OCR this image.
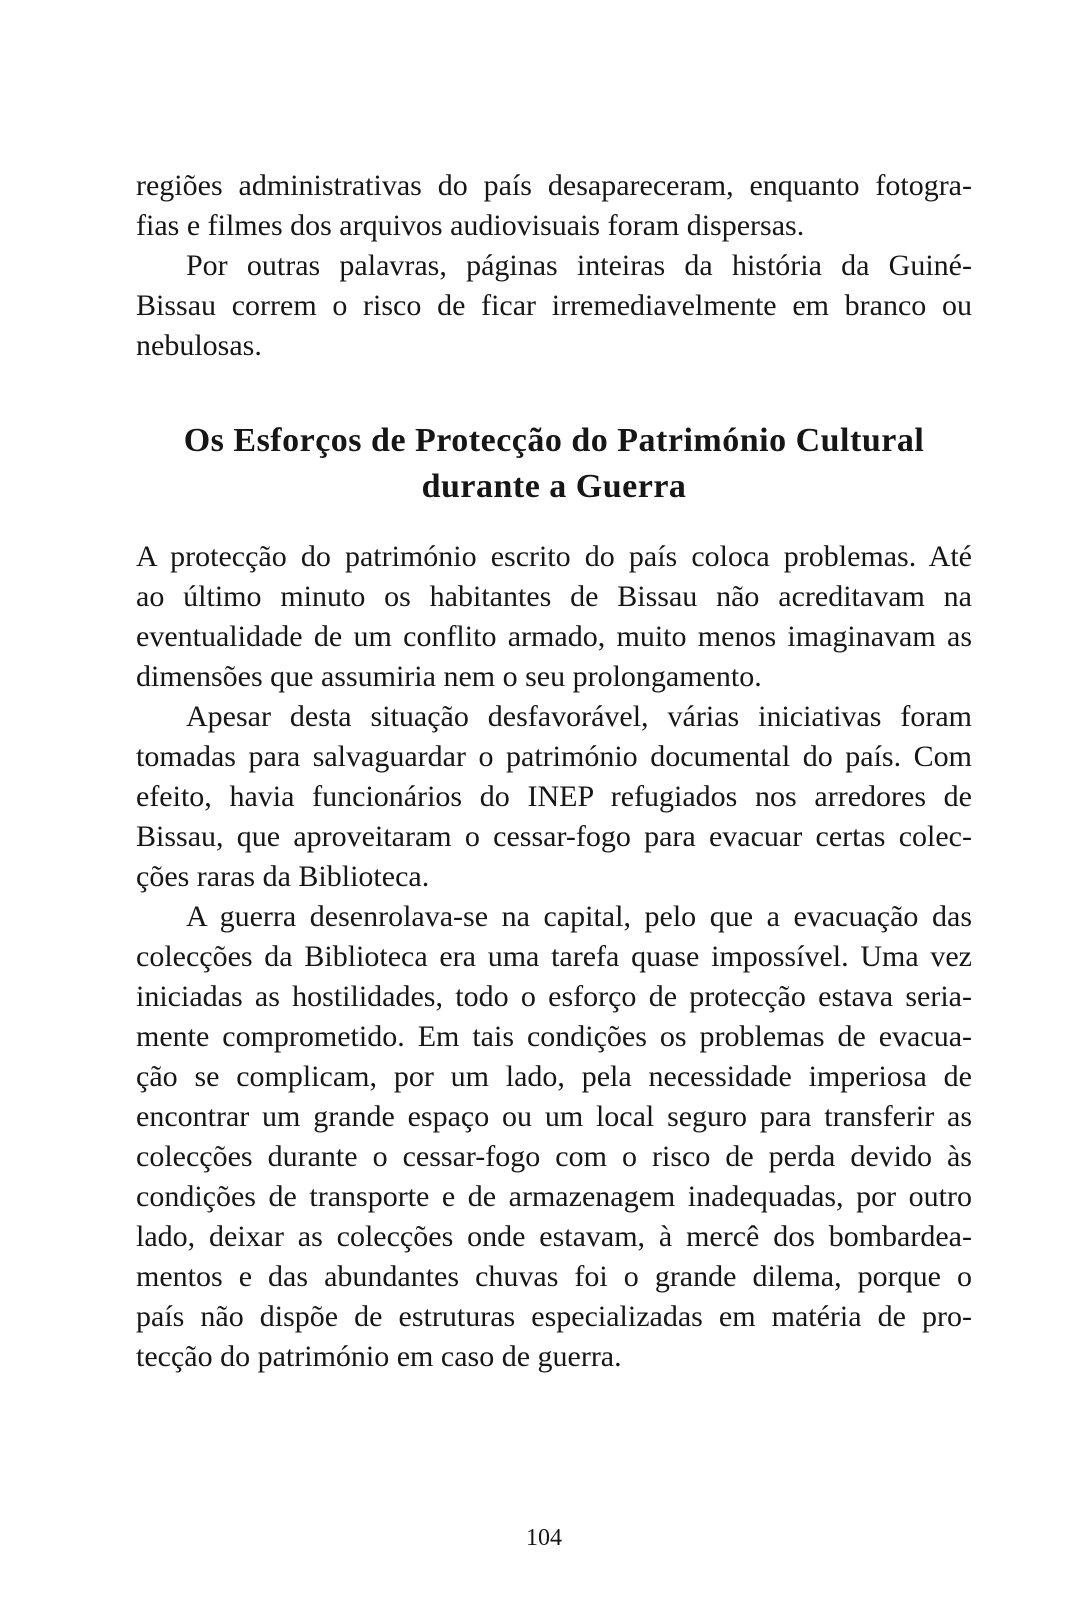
regiões administrativas do país desapareceram, enquanto fotogra-

fias e filmes dos arquivos audiovisuais foram dispersas.

Por outras palavras, páginas inteiras da história da Guiné-

Bissau correm o risco de ficar irremediavelmente em branco ou

nebulosas.

Os Esforços de Protecção do Património Cultural
durante a Guerra

A protecção do património escrito do país coloca problemas. Até

ao último minuto os habitantes de Bissau não acreditavam na

eventualidade de um conflito armado, muito menos imaginavam as

dimensões que assumiria nem o seu prolongamento.

Apesar desta situação desfavorável, várias iniciativas foram

tomadas para salvaguardar o património documental do país. Com

efeito, havia funcionários do INEP refugiados nos arredores de

Bissau, que aproveitaram o cessar-fogo para evacuar certas colec-

ções raras da Biblioteca.

A guerra desenrolava-se na capital, pelo que a evacuação das

colecções da Biblioteca era uma tarefa quase impossível. Uma vez

iniciadas as hostilidades, todo o esforço de protecção estava seria-

mente comprometido. Em tais condições os problemas de evacua-

ção se complicam, por um lado, pela necessidade imperiosa de

encontrar um grande espaço ou um local seguro para transferir as

colecções durante o cessar-fogo com o risco de perda devido às

condições de transporte e de armazenagem inadequadas, por outro

lado, deixar as colecções onde estavam, à mercê dos bombardea-

mentos e das abundantes chuvas foi o grande dilema, porque o

país não dispõe de estruturas especializadas em matéria de pro-

tecção do património em caso de guerra.

104
